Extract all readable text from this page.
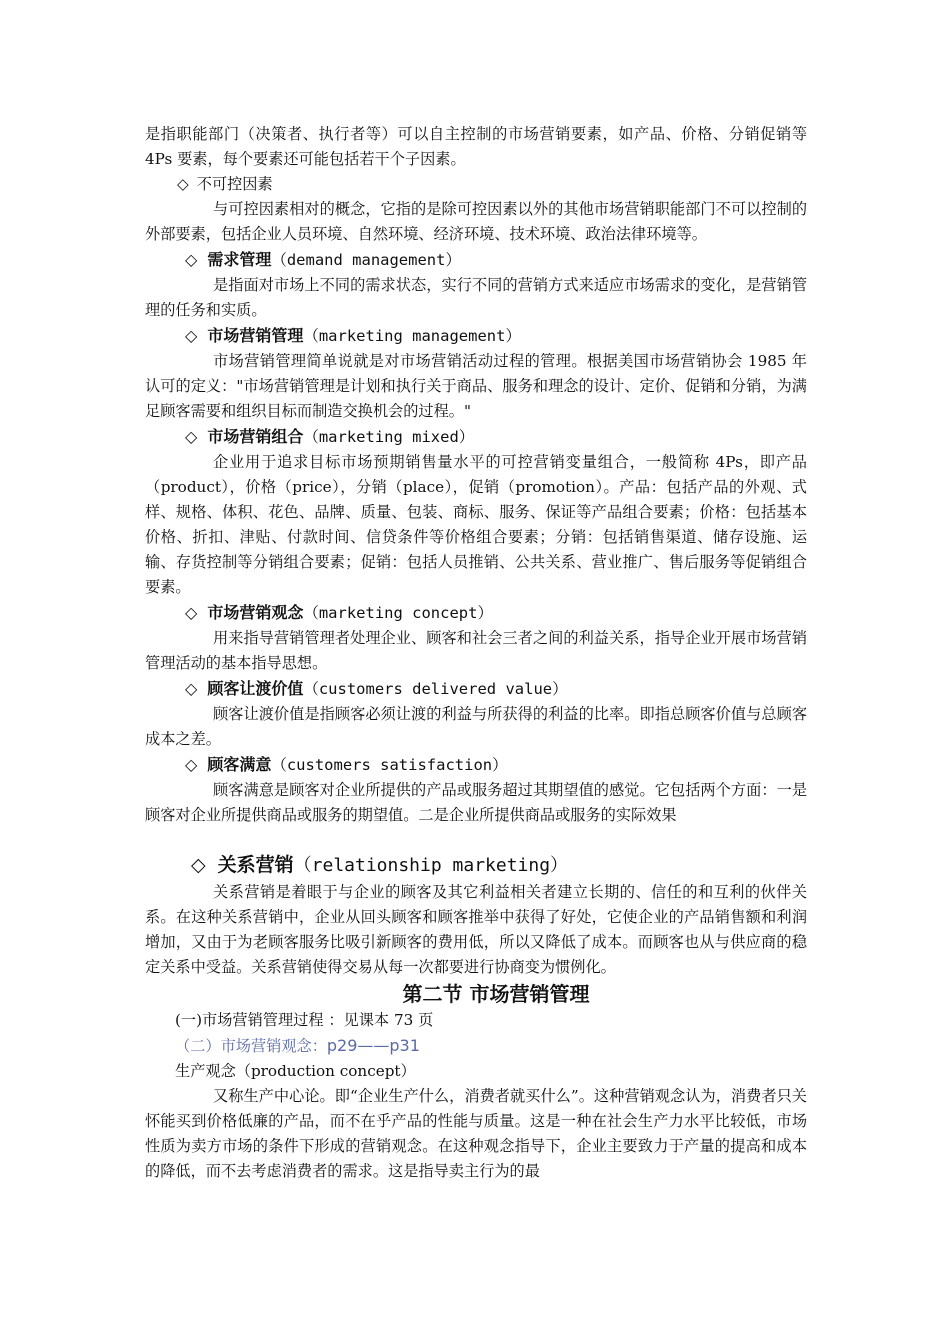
是指职能部门（决策者、执行者等）可以自主控制的市场营销要素，如产品、价格、分销促销等 4Ps 要素，每个要素还可能包括若干个子因素。

◇ 不可控因素

与可控因素相对的概念，它指的是除可控因素以外的其他市场营销职能部门不可以控制的外部要素，包括企业人员环境、自然环境、经济环境、技术环境、政治法律环境等。

◇ 需求管理（demand management）

是指面对市场上不同的需求状态，实行不同的营销方式来适应市场需求的变化，是营销管理的任务和实质。

◇ 市场营销管理（marketing management）

市场营销管理简单说就是对市场营销活动过程的管理。根据美国市场营销协会 1985 年认可的定义："市场营销管理是计划和执行关于商品、服务和理念的设计、定价、促销和分销，为满足顾客需要和组织目标而制造交换机会的过程。"

◇ 市场营销组合（marketing mixed）

企业用于追求目标市场预期销售量水平的可控营销变量组合，一般简称 4Ps，即产品（product），价格（price），分销（place），促销（promotion）。产品：包括产品的外观、式样、规格、体积、花色、品牌、质量、包装、商标、服务、保证等产品组合要素；价格：包括基本价格、折扣、津贴、付款时间、信贷条件等价格组合要素；分销：包括销售渠道、储存设施、运输、存货控制等分销组合要素；促销：包括人员推销、公共关系、营业推广、售后服务等促销组合要素。

◇ 市场营销观念（marketing concept）

用来指导营销管理者处理企业、顾客和社会三者之间的利益关系，指导企业开展市场营销管理活动的基本指导思想。

◇ 顾客让渡价值（customers delivered value）

顾客让渡价值是指顾客必须让渡的利益与所获得的利益的比率。即指总顾客价值与总顾客成本之差。

◇ 顾客满意（customers satisfaction）

顾客满意是顾客对企业所提供的产品或服务超过其期望值的感觉。它包括两个方面：一是顾客对企业所提供商品或服务的期望值。二是企业所提供商品或服务的实际效果

◇ 关系营销（relationship marketing）

关系营销是着眼于与企业的顾客及其它利益相关者建立长期的、信任的和互利的伙伴关系。在这种关系营销中，企业从回头顾客和顾客推举中获得了好处，它使企业的产品销售额和利润增加，又由于为老顾客服务比吸引新顾客的费用低，所以又降低了成本。而顾客也从与供应商的稳定关系中受益。关系营销使得交易从每一次都要进行协商变为惯例化。

第二节 市场营销管理

(一)市场营销管理过程 ：见课本 73 页

（二）市场营销观念：p29——p31

生产观念（production concept）

又称生产中心论。即“企业生产什么，消费者就买什么”。这种营销观念认为，消费者只关怀能买到价格低廉的产品，而不在乎产品的性能与质量。这是一种在社会生产力水平比较低，市场性质为卖方市场的条件下形成的营销观念。在这种观念指导下，企业主要致力于产量的提高和成本的降低，而不去考虑消费者的需求。这是指导卖主行为的最
